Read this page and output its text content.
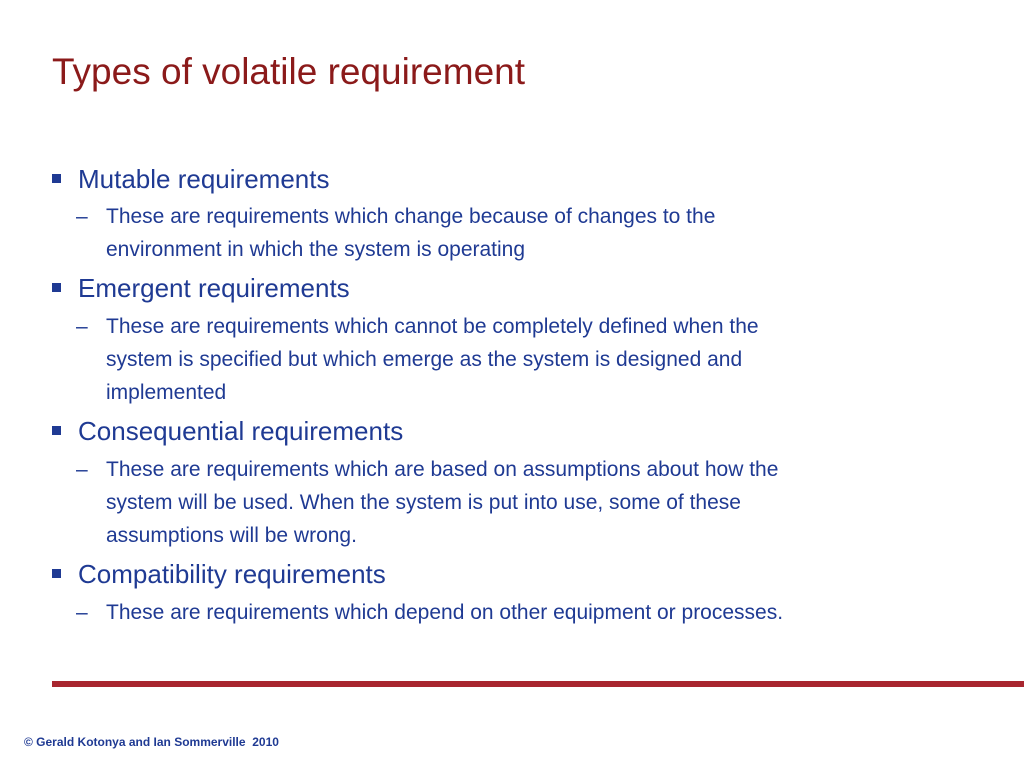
Types of volatile requirement
Mutable requirements
– These are requirements which change because of changes to the
environment in which the system is operating
Emergent requirements
– These are requirements which cannot be completely defined when the
system is specified but which emerge as the system is designed and
implemented
Consequential requirements
– These are requirements which are based on assumptions about how the
system will be used. When the system is put into use, some of these
assumptions will be wrong.
Compatibility requirements
– These are requirements which depend on other equipment or processes.
© Gerald Kotonya and Ian Sommerville  2010
